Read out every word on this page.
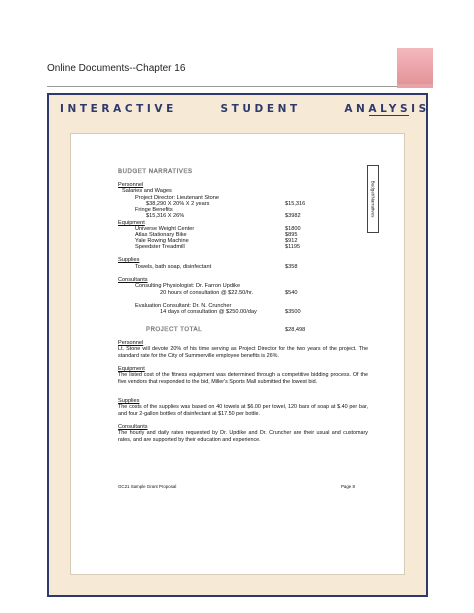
Online Documents--Chapter 16
INTERACTIVE	STUDENT	ANALYSIS
BUDGET NARRATIVES
Budget/Narratives
Personnel
Salaries and Wages
Project Director: Lieutenant Stone
$38,290 X 20% X 2 years	$15,316
Fringe Benefits
$15,316 X 26%	$3982
Equipment
Universe Weight Center	$1800
Atlas Stationary Bike	$895
Yale Rowing Machine	$912
Speedster Treadmill	$1195
Supplies
Towels, bath soap, disinfectant	$358
Consultants
Consulting Physiologist: Dr. Farron Updike
20 hours of consultation @ $22.50/hr.	$540
Evaluation Consultant: Dr. N. Cruncher
14 days of consultation @ $250.00/day	$3500
PROJECT TOTAL	$28,498
Personnel
Lt. Stone will devote 20% of his time serving as Project Director for the two years of the project. The standard rate for the City of Summerville employee benefits is 26%.
Equipment
The listed cost of the fitness equipment was determined through a competitive bidding process. Of the five vendors that responded to the bid, Miller's Sports Mall submitted the lowest bid.
Supplies
The costs of the supplies was based on 40 towels at $6.00 per towel, 120 bars of soap at $.40 per bar, and four 2-gallon bottles of disinfectant at $17.50 per bottle.
Consultants
The hourly and daily rates requested by Dr. Updike and Dr. Cruncher are their usual and customary rates, and are supported by their education and experience.
GC21 Sample Grant Proposal	Page 8
